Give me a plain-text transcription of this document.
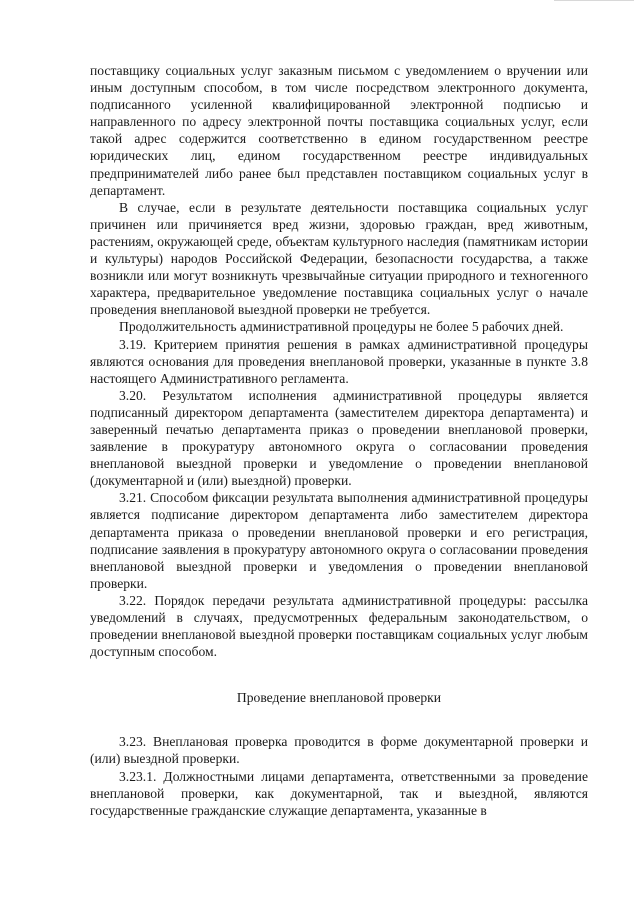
поставщику социальных услуг заказным письмом с уведомлением о вручении или иным доступным способом, в том числе посредством электронного документа, подписанного усиленной квалифицированной электронной подписью и направленного по адресу электронной почты поставщика социальных услуг, если такой адрес содержится соответственно в едином государственном реестре юридических лиц, едином государственном реестре индивидуальных предпринимателей либо ранее был представлен поставщиком социальных услуг в департамент.

В случае, если в результате деятельности поставщика социальных услуг причинен или причиняется вред жизни, здоровью граждан, вред животным, растениям, окружающей среде, объектам культурного наследия (памятникам истории и культуры) народов Российской Федерации, безопасности государства, а также возникли или могут возникнуть чрезвычайные ситуации природного и техногенного характера, предварительное уведомление поставщика социальных услуг о начале проведения внеплановой выездной проверки не требуется.

Продолжительность административной процедуры не более 5 рабочих дней.

3.19. Критерием принятия решения в рамках административной процедуры являются основания для проведения внеплановой проверки, указанные в пункте 3.8 настоящего Административного регламента.

3.20. Результатом исполнения административной процедуры является подписанный директором департамента (заместителем директора департамента) и заверенный печатью департамента приказ о проведении внеплановой проверки, заявление в прокуратуру автономного округа о согласовании проведения внеплановой выездной проверки и уведомление о проведении внеплановой (документарной и (или) выездной) проверки.

3.21. Способом фиксации результата выполнения административной процедуры является подписание директором департамента либо заместителем директора департамента приказа о проведении внеплановой проверки и его регистрация, подписание заявления в прокуратуру автономного округа о согласовании проведения внеплановой выездной проверки и уведомления о проведении внеплановой проверки.

3.22. Порядок передачи результата административной процедуры: рассылка уведомлений в случаях, предусмотренных федеральным законодательством, о проведении внеплановой выездной проверки поставщикам социальных услуг любым доступным способом.

Проведение внеплановой проверки

3.23. Внеплановая проверка проводится в форме документарной проверки и (или) выездной проверки.

3.23.1. Должностными лицами департамента, ответственными за проведение внеплановой проверки, как документарной, так и выездной, являются государственные гражданские служащие департамента, указанные в
